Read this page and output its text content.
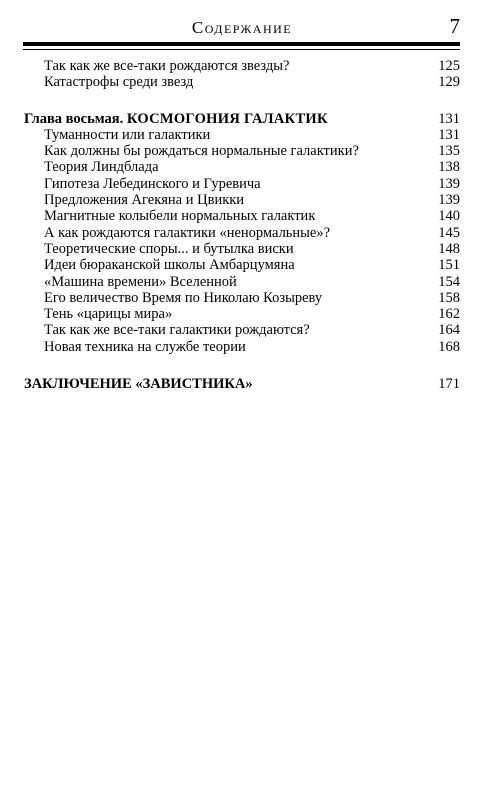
Содержание	7
Так как же все-таки рождаются звезды?	125
Катастрофы среди звезд	129
Глава восьмая. КОСМОГОНИЯ ГАЛАКТИК	131
Туманности или галактики	131
Как должны бы рождаться нормальные галактики?	135
Теория Линдблада	138
Гипотеза Лебединского и Гуревича	139
Предложения Агекяна и Цвикки	139
Магнитные колыбели нормальных галактик	140
А как рождаются галактики «ненормальные»?	145
Теоретические споры... и бутылка виски	148
Идеи бюраканской школы Амбарцумяна	151
«Машина времени» Вселенной	154
Его величество Время по Николаю Козыреву	158
Тень «царицы мира»	162
Так как же все-таки галактики рождаются?	164
Новая техника на службе теории	168
ЗАКЛЮЧЕНИЕ «ЗАВИСТНИКА»	171
